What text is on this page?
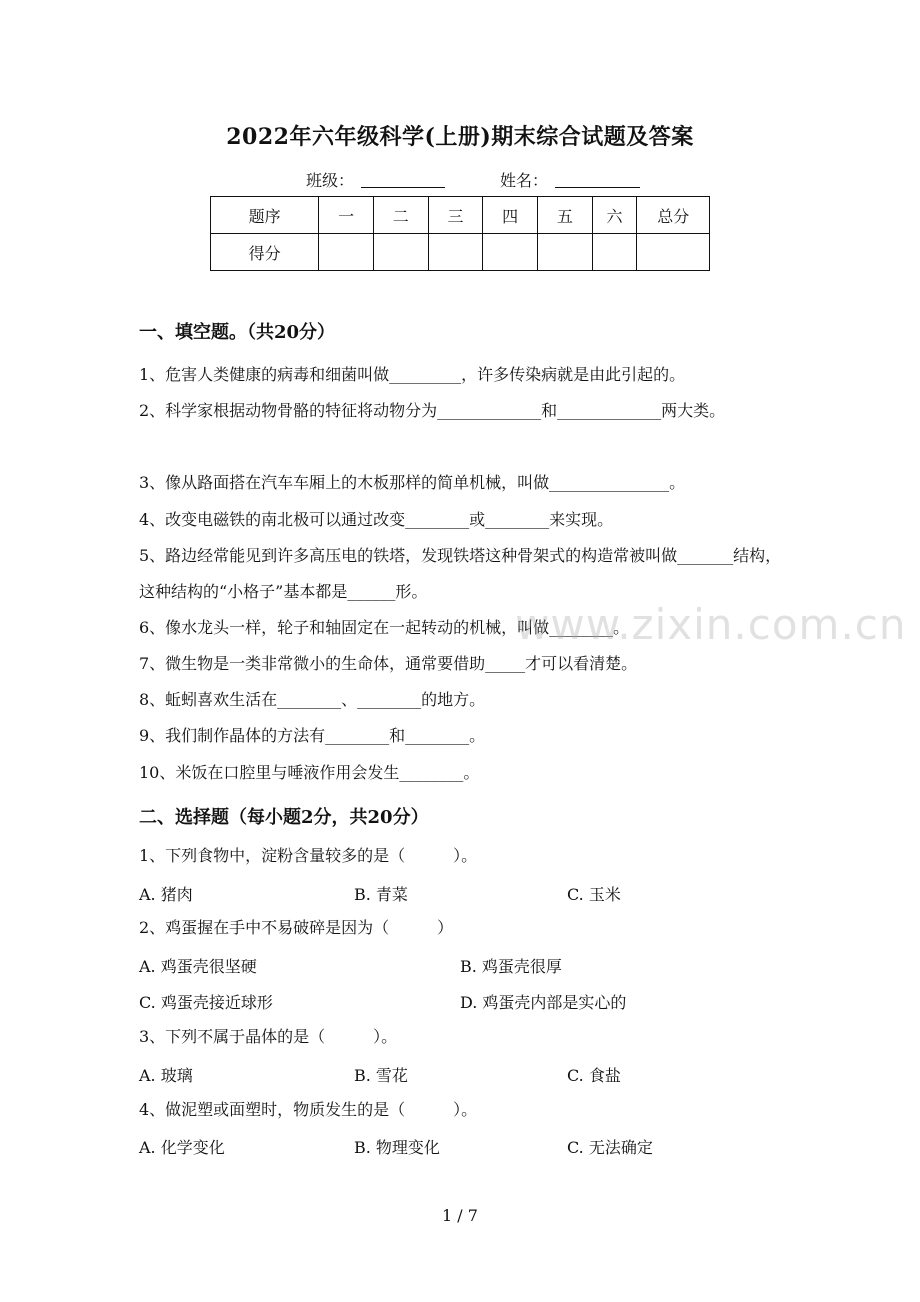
2022年六年级科学(上册)期末综合试题及答案
班级：	姓名：
题序	一	二	三	四	五	六	总分
得分							
一、填空题。（共20分）
1、危害人类健康的病毒和细菌叫做_________，许多传染病就是由此引起的。
2、科学家根据动物骨骼的特征将动物分为_____________和_____________两大类。
3、像从路面搭在汽车车厢上的木板那样的简单机械，叫做_______________。
4、改变电磁铁的南北极可以通过改变________或________来实现。
5、路边经常能见到许多高压电的铁塔，发现铁塔这种骨架式的构造常被叫做_______结构，这种结构的“小格子”基本都是______形。
6、像水龙头一样，轮子和轴固定在一起转动的机械，叫做________。
7、微生物是一类非常微小的生命体，通常要借助_____才可以看清楚。
8、蚯蚓喜欢生活在________、________的地方。
9、我们制作晶体的方法有________和________。
10、米饭在口腔里与唾液作用会发生________。
二、选择题（每小题2分，共20分）
1、下列食物中，淀粉含量较多的是（　　　）。
A. 猪肉	B. 青菜	C. 玉米
2、鸡蛋握在手中不易破碎是因为（　　　）
A. 鸡蛋壳很坚硬	B. 鸡蛋壳很厚
C. 鸡蛋壳接近球形	D. 鸡蛋壳内部是实心的
3、下列不属于晶体的是（　　　）。
A. 玻璃	B. 雪花	C. 食盐
4、做泥塑或面塑时，物质发生的是（　　　）。
A. 化学变化	B. 物理变化	C. 无法确定
www.zixin.com.cn
1 / 7
